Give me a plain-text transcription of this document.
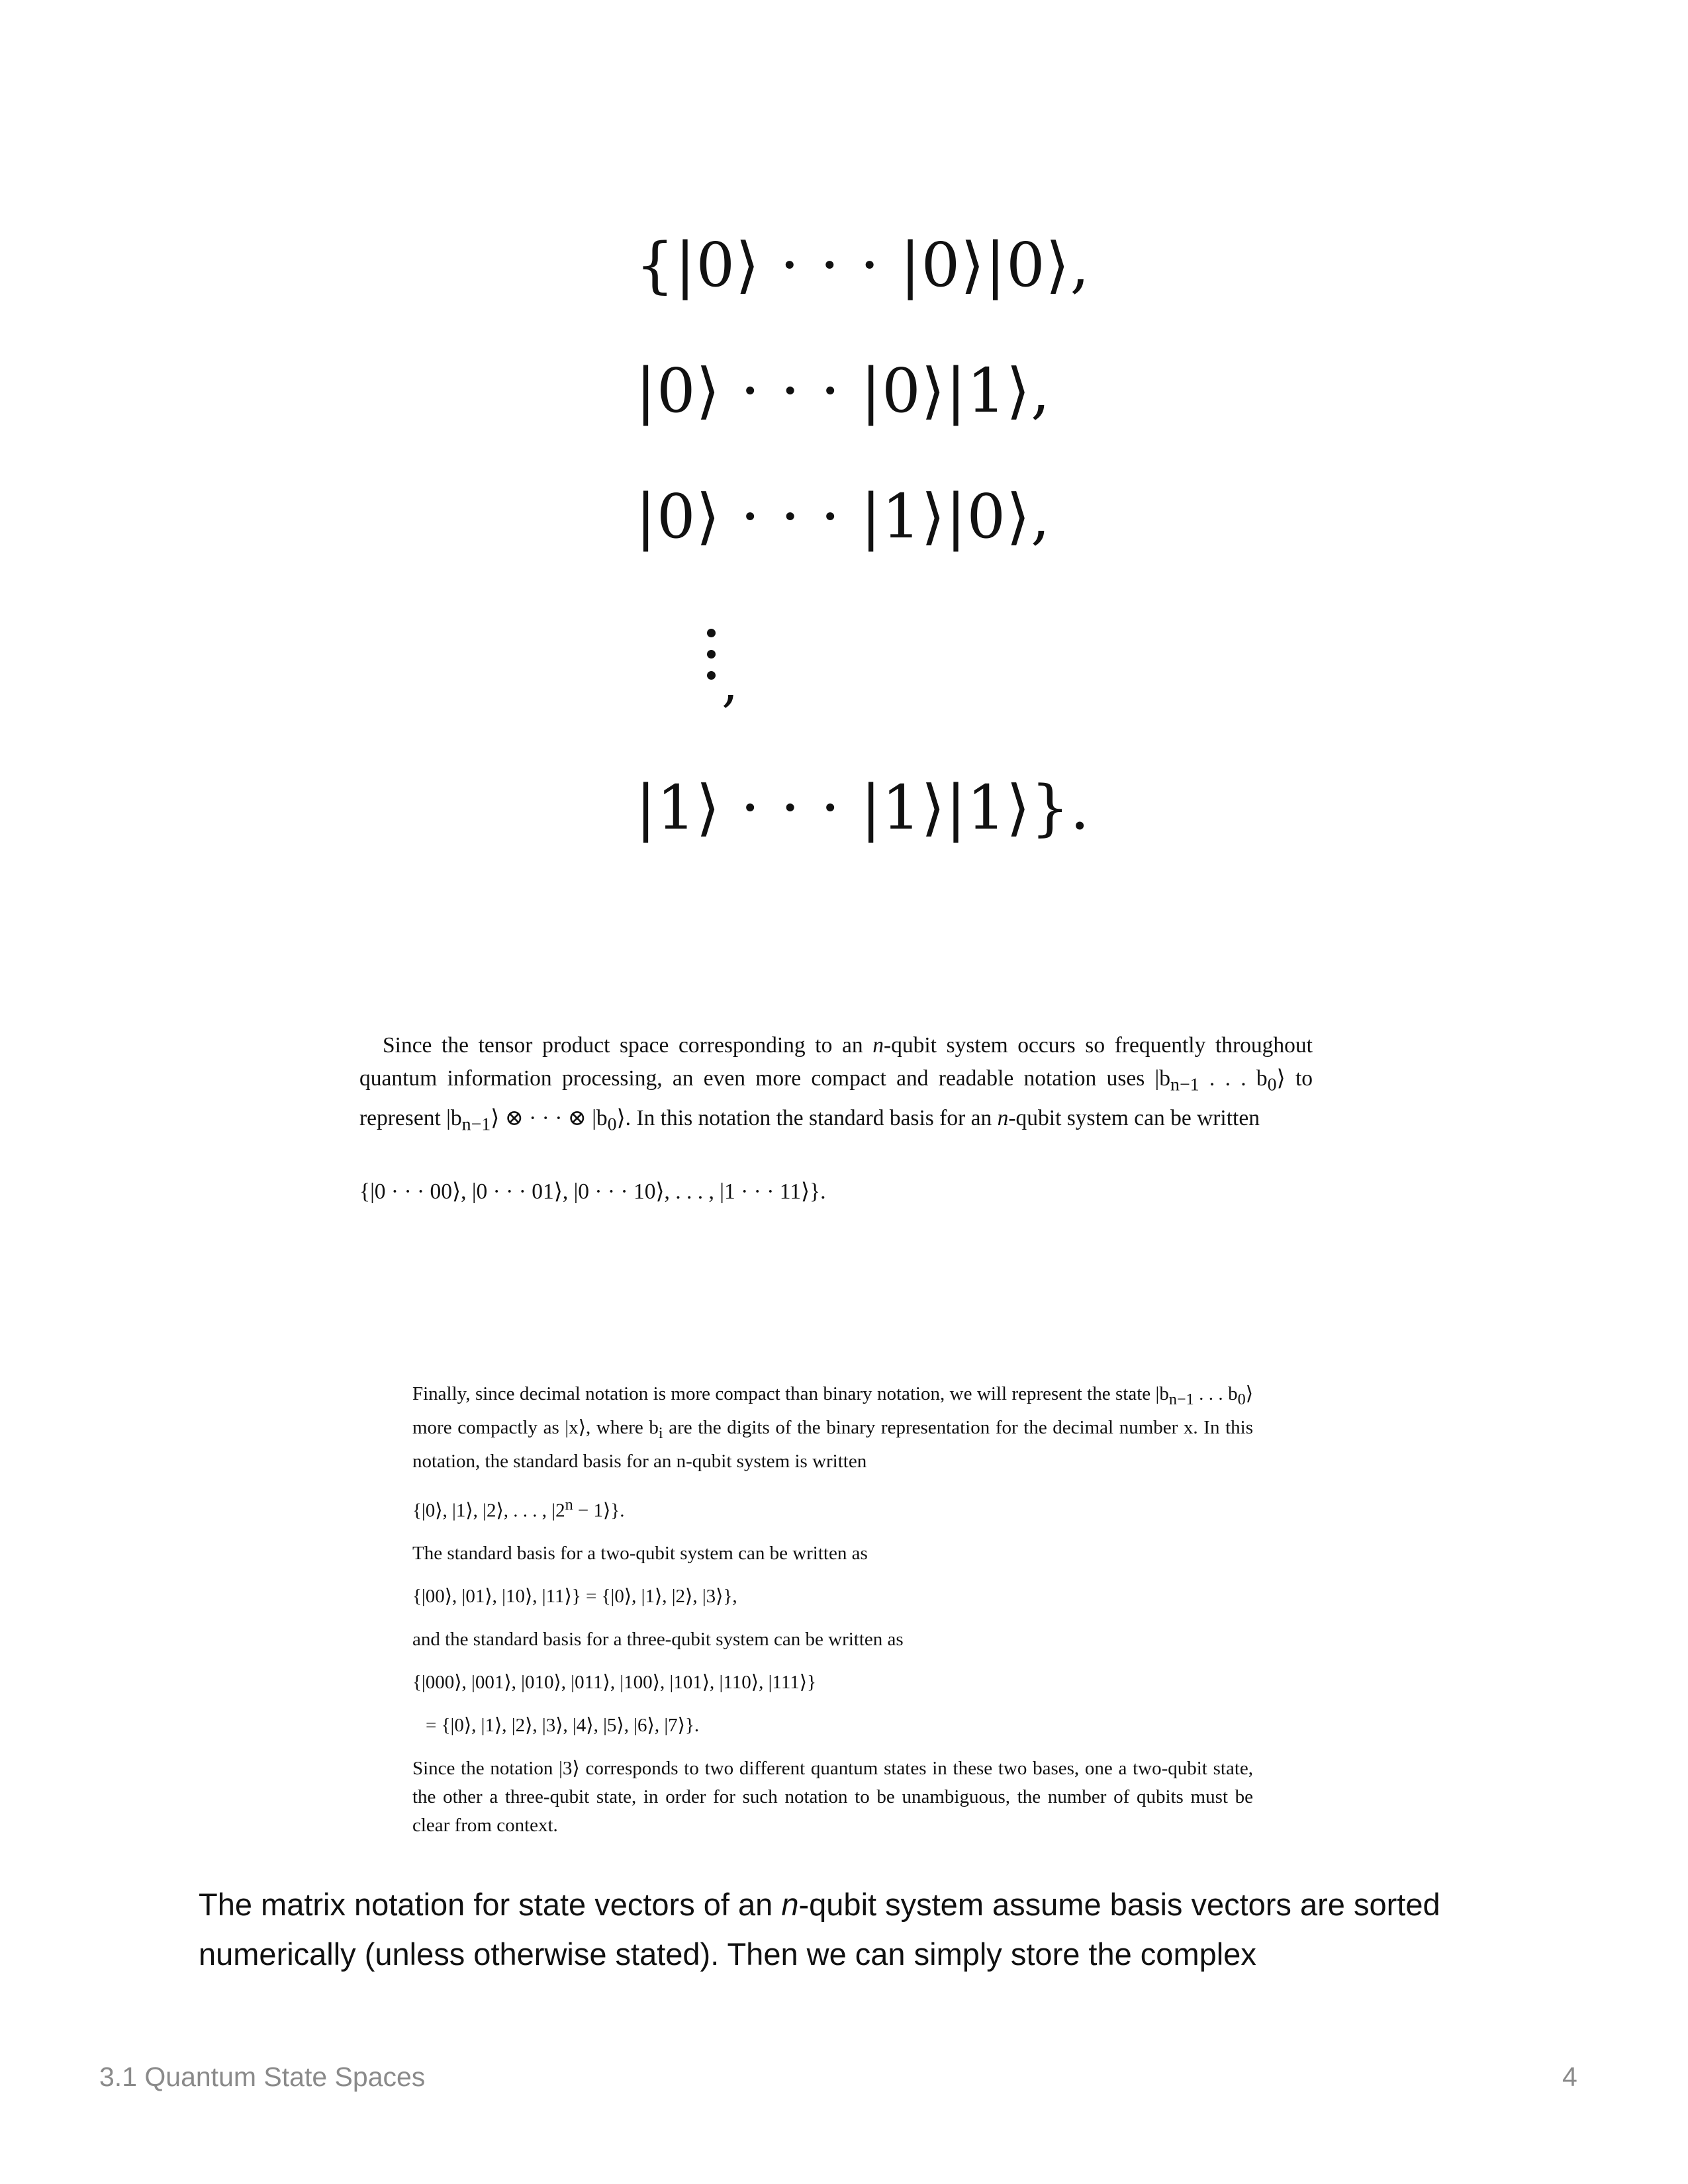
{|0⟩ · · · |0⟩|0⟩,
|0⟩ · · · |0⟩|1⟩,
|0⟩ · · · |1⟩|0⟩,
,
|1⟩ · · · |1⟩|1⟩}.
Since the tensor product space corresponding to an n-qubit system occurs so frequently throughout quantum information processing, an even more compact and readable notation uses $|b_{n-1}$ . . . $b_0⟩$ to represent $|b_{n-1}⟩$ ⊗ · · · ⊗ $|b_0⟩$. In this notation the standard basis for an n-qubit system can be written
{|0 · · · 00⟩, |0 · · · 01⟩, |0 · · · 10⟩, . . . , |1 · · · 11⟩}.

Finally, since decimal notation is more compact than binary notation, we will represent the state $|b_{n-1}$ . . . $b_0⟩$ more compactly as |x⟩, where $b_i$ are the digits of the binary representation for the decimal number x. In this notation, the standard basis for an n-qubit system is written

{|0⟩, |1⟩, |2⟩, . . . , $|2^n$ − 1⟩}.

The standard basis for a two-qubit system can be written as

{|00⟩, |01⟩, |10⟩, |11⟩} = {|0⟩, |1⟩, |2⟩, |3⟩},

and the standard basis for a three-qubit system can be written as

{|000⟩, |001⟩, |010⟩, |011⟩, |100⟩, |101⟩, |110⟩, |111⟩}

= {|0⟩, |1⟩, |2⟩, |3⟩, |4⟩, |5⟩, |6⟩, |7⟩}.

Since the notation |3⟩ corresponds to two different quantum states in these two bases, one a two-qubit state, the other a three-qubit state, in order for such notation to be unambiguous, the number of qubits must be clear from context.

The matrix notation for state vectors of an n-qubit system assume basis vectors are sorted numerically (unless otherwise stated). Then we can simply store the complex
3.1 Quantum State Spaces	4
